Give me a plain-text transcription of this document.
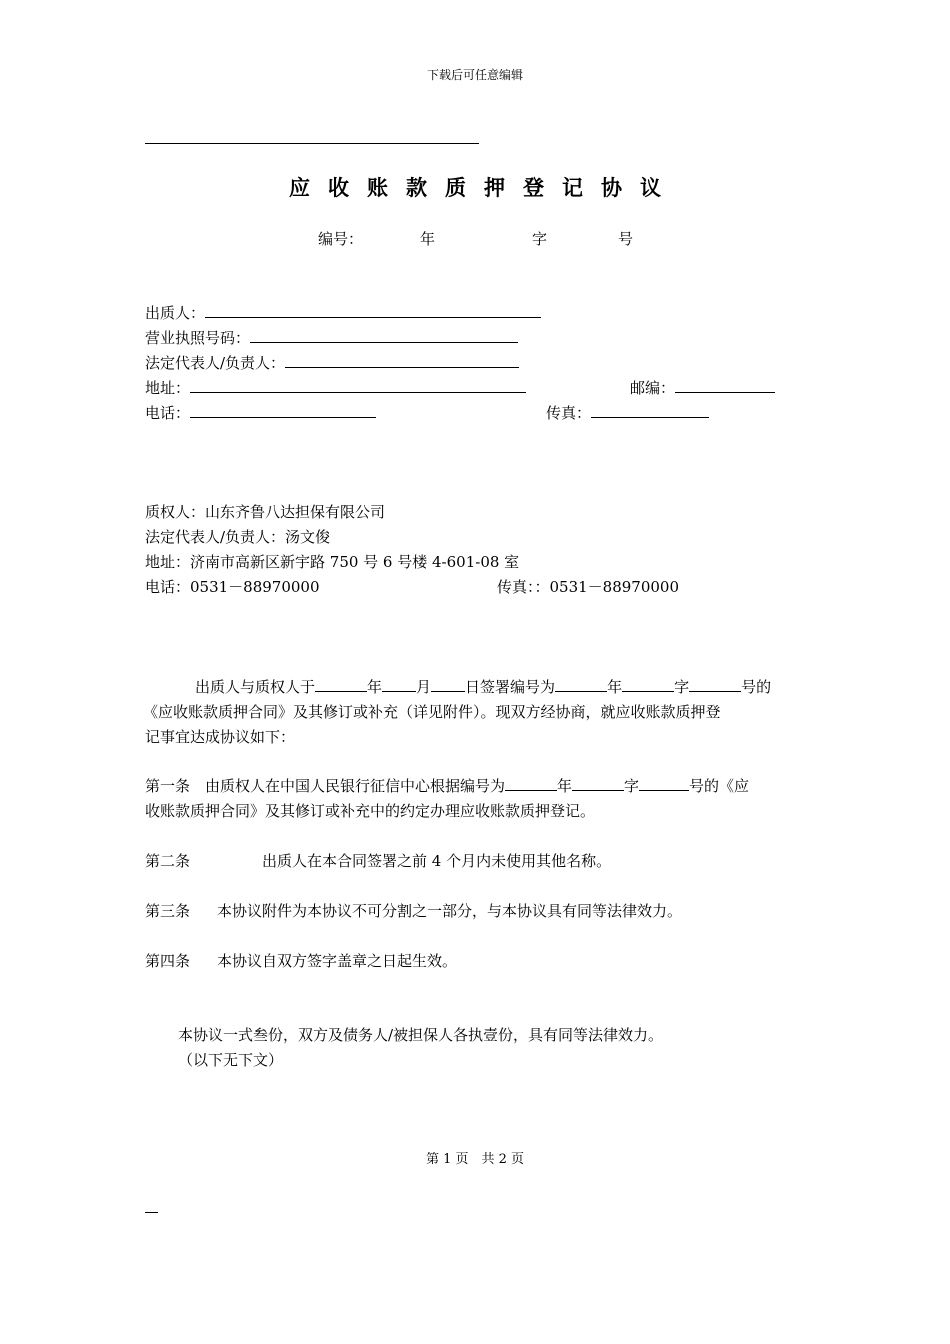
下载后可任意编辑
应收账款质押登记协议
编号：	年	字	号
出质人：
营业执照号码：
法定代表人/负责人：
地址：	邮编：
电话：	传真：
质权人：山东齐鲁八达担保有限公司
法定代表人/负责人：汤文俊
地址：济南市高新区新宇路 750 号 6 号楼 4-601-08 室
电话：0531－88970000	传真：：0531－88970000
出质人与质权人于	年 月 日签署编号为	年	字	号的
《应收账款质押合同》及其修订或补充（详见附件）。现双方经协商，就应收账款质押登
记事宜达成协议如下：
第一条　由质权人在中国人民银行征信中心根据编号为	年	字	号的《应
收账款质押合同》及其修订或补充中的约定办理应收账款质押登记。
第二条	出质人在本合同签署之前 4 个月内未使用其他名称。
第三条 本协议附件为本协议不可分割之一部分，与本协议具有同等法律效力。
第四条 本协议自双方签字盖章之日起生效。
本协议一式叁份，双方及债务人/被担保人各执壹份，具有同等法律效力。
（以下无下文）
第 1 页　共 2 页
